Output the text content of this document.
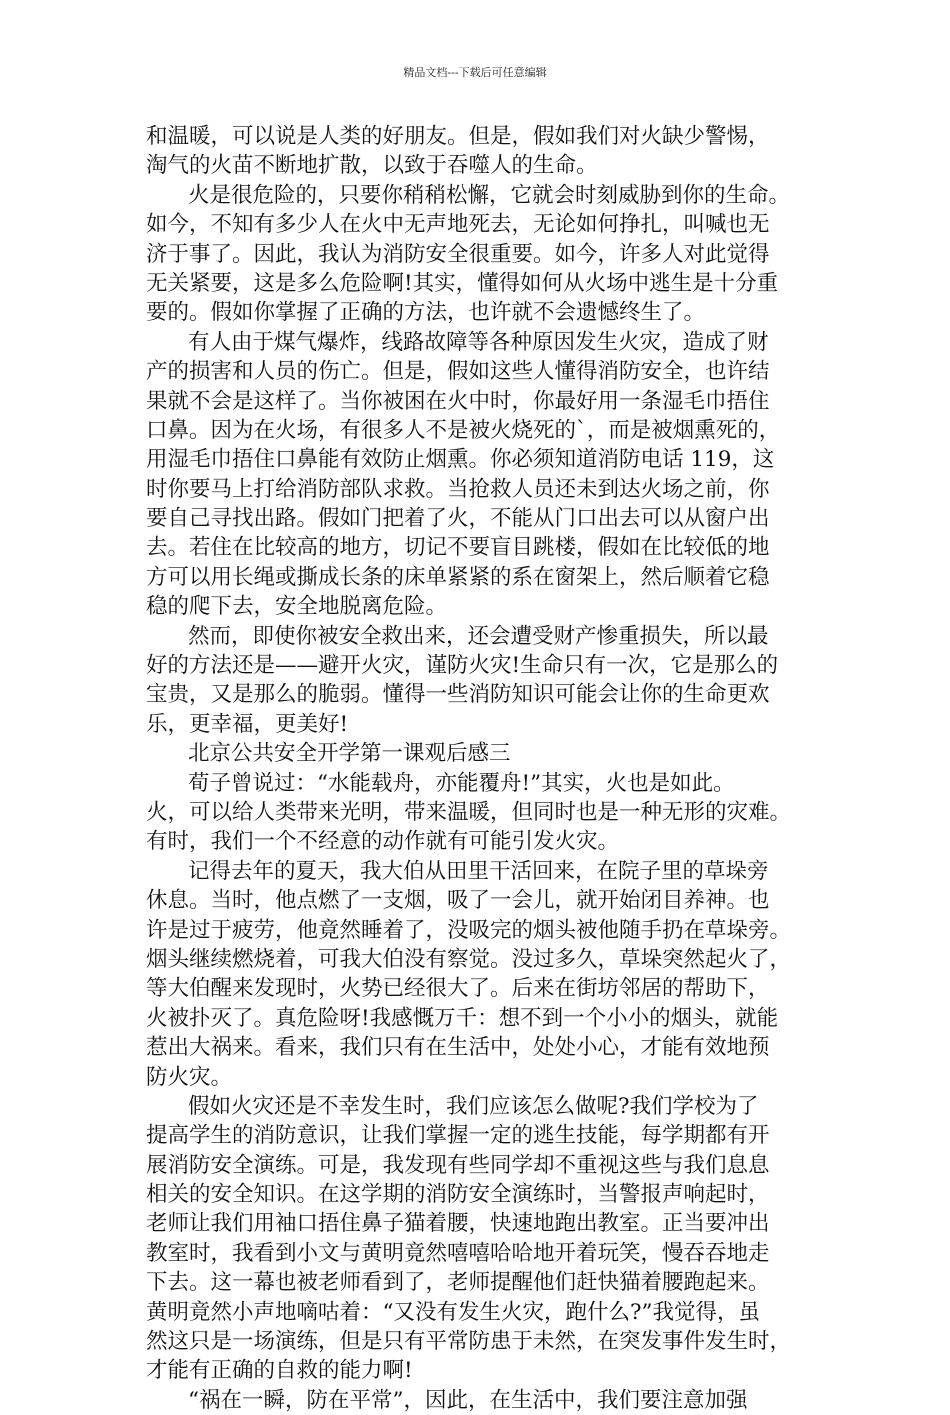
精品文档---下载后可任意编辑
和温暖，可以说是人类的好朋友。但是，假如我们对火缺少警惕，
淘气的火苗不断地扩散，以致于吞噬人的生命。
火是很危险的，只要你稍稍松懈，它就会时刻威胁到你的生命。
如今，不知有多少人在火中无声地死去，无论如何挣扎，叫喊也无
济于事了。因此，我认为消防安全很重要。如今，许多人对此觉得
无关紧要，这是多么危险啊!其实，懂得如何从火场中逃生是十分重
要的。假如你掌握了正确的方法，也许就不会遗憾终生了。
有人由于煤气爆炸，线路故障等各种原因发生火灾，造成了财
产的损害和人员的伤亡。但是，假如这些人懂得消防安全，也许结
果就不会是这样了。当你被困在火中时，你最好用一条湿毛巾捂住
口鼻。因为在火场，有很多人不是被火烧死的`，而是被烟熏死的，
用湿毛巾捂住口鼻能有效防止烟熏。你必须知道消防电话 119，这
时你要马上打给消防部队求救。当抢救人员还未到达火场之前，你
要自己寻找出路。假如门把着了火，不能从门口出去可以从窗户出
去。若住在比较高的地方，切记不要盲目跳楼，假如在比较低的地
方可以用长绳或撕成长条的床单紧紧的系在窗架上，然后顺着它稳
稳的爬下去，安全地脱离危险。
然而，即使你被安全救出来，还会遭受财产惨重损失，所以最
好的方法还是——避开火灾，谨防火灾!生命只有一次，它是那么的
宝贵，又是那么的脆弱。懂得一些消防知识可能会让你的生命更欢
乐，更幸福，更美好!
北京公共安全开学第一课观后感三
荀子曾说过：“水能载舟，亦能覆舟!”其实，火也是如此。
火，可以给人类带来光明，带来温暖，但同时也是一种无形的灾难。
有时，我们一个不经意的动作就有可能引发火灾。
记得去年的夏天，我大伯从田里干活回来，在院子里的草垛旁
休息。当时，他点燃了一支烟，吸了一会儿，就开始闭目养神。也
许是过于疲劳，他竟然睡着了，没吸完的烟头被他随手扔在草垛旁。
烟头继续燃烧着，可我大伯没有察觉。没过多久，草垛突然起火了，
等大伯醒来发现时，火势已经很大了。后来在街坊邻居的帮助下，
火被扑灭了。真危险呀!我感慨万千：想不到一个小小的烟头，就能
惹出大祸来。看来，我们只有在生活中，处处小心，才能有效地预
防火灾。
假如火灾还是不幸发生时，我们应该怎么做呢?我们学校为了
提高学生的消防意识，让我们掌握一定的逃生技能，每学期都有开
展消防安全演练。可是，我发现有些同学却不重视这些与我们息息
相关的安全知识。在这学期的消防安全演练时，当警报声响起时，
老师让我们用袖口捂住鼻子猫着腰，快速地跑出教室。正当要冲出
教室时，我看到小文与黄明竟然嘻嘻哈哈地开着玩笑，慢吞吞地走
下去。这一幕也被老师看到了，老师提醒他们赶快猫着腰跑起来。
黄明竟然小声地嘀咕着：“又没有发生火灾，跑什么?”我觉得，虽
然这只是一场演练，但是只有平常防患于未然，在突发事件发生时，
才能有正确的自救的能力啊!
“祸在一瞬，防在平常”，因此，在生活中，我们要注意加强
